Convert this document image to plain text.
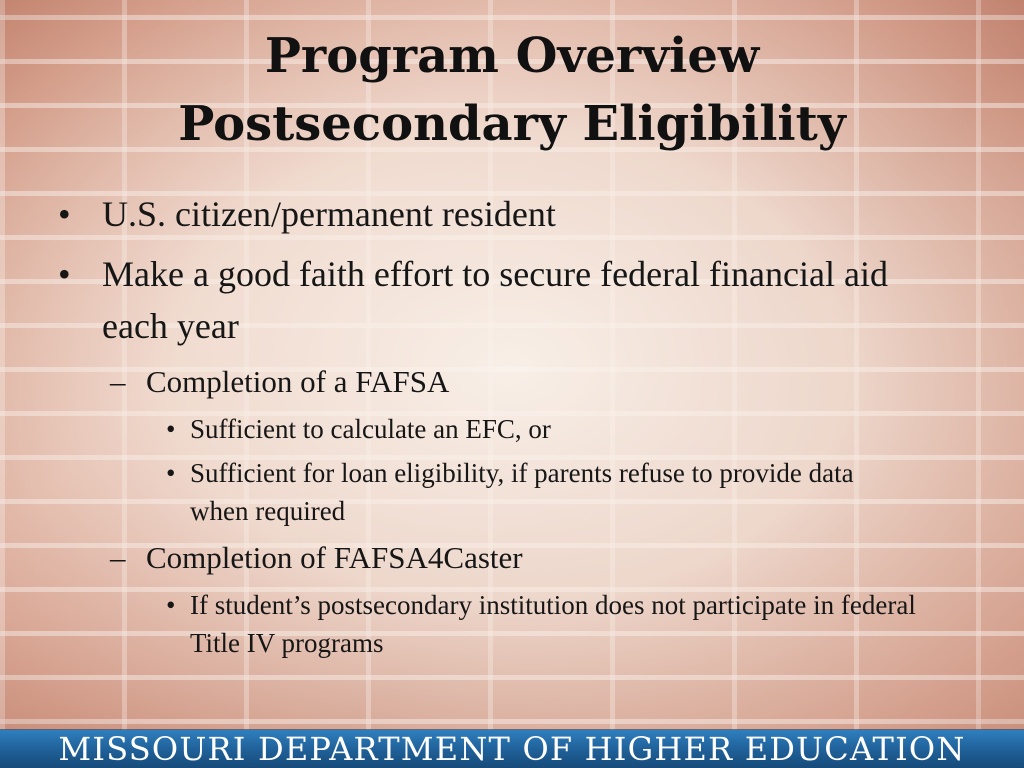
Program Overview
Postsecondary Eligibility
• U.S. citizen/permanent resident
• Make a good faith effort to secure federal financial aid each year
– Completion of a FAFSA
• Sufficient to calculate an EFC, or
• Sufficient for loan eligibility, if parents refuse to provide data when required
– Completion of FAFSA4Caster
• If student’s postsecondary institution does not participate in federal Title IV programs
MISSOURI DEPARTMENT OF HIGHER EDUCATION
